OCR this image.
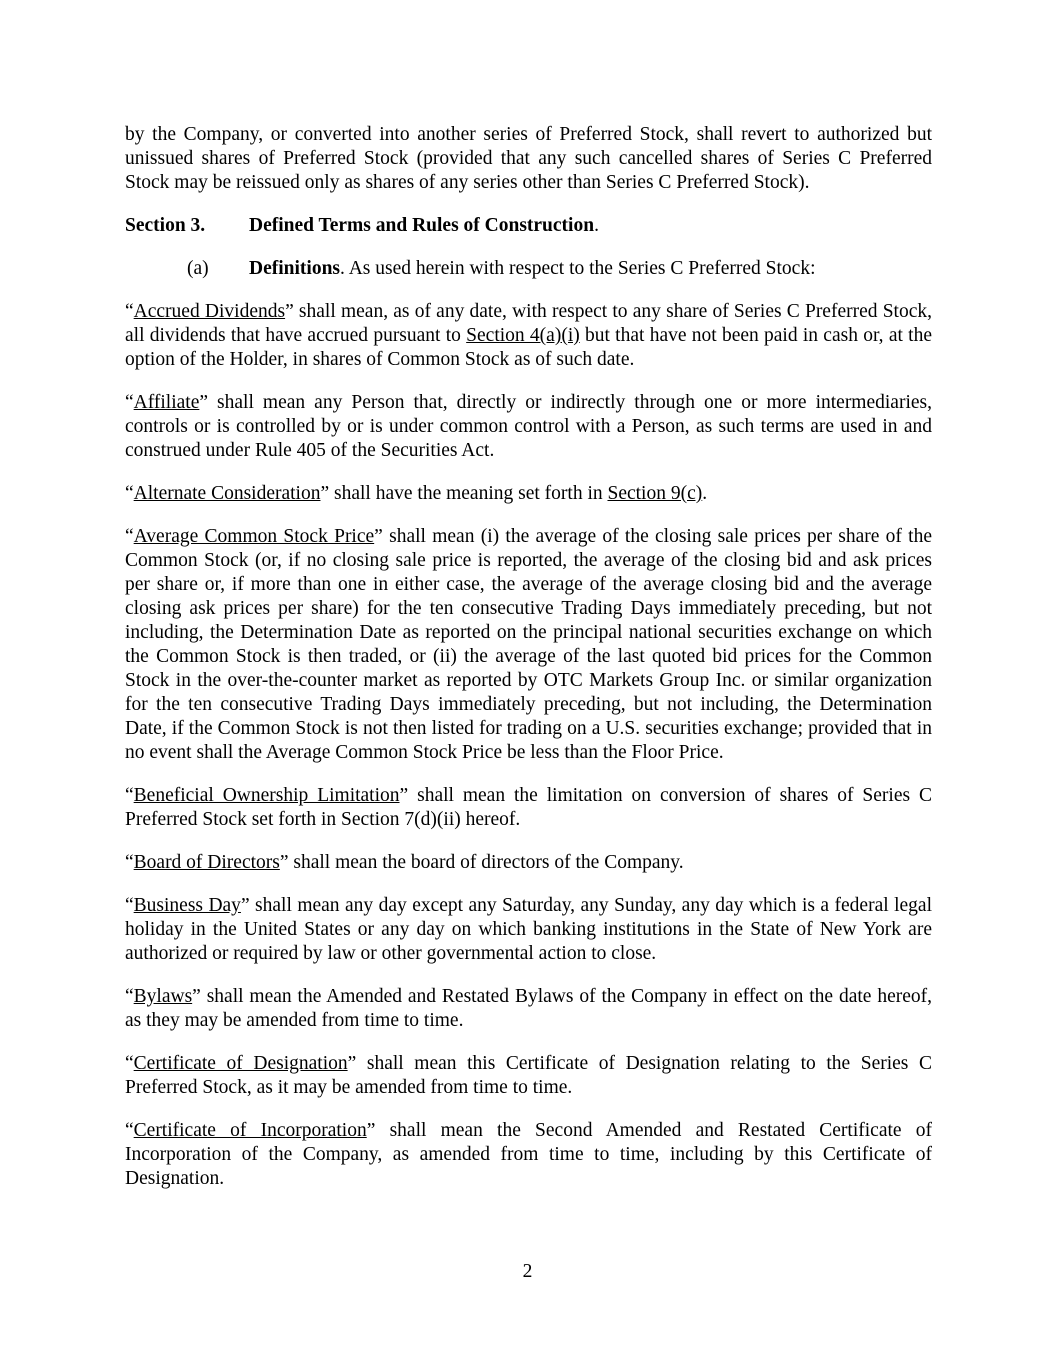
by the Company, or converted into another series of Preferred Stock, shall revert to authorized but unissued shares of Preferred Stock (provided that any such cancelled shares of Series C Preferred Stock may be reissued only as shares of any series other than Series C Preferred Stock).

Section 3. Defined Terms and Rules of Construction.

(a) Definitions. As used herein with respect to the Series C Preferred Stock:

“Accrued Dividends” shall mean, as of any date, with respect to any share of Series C Preferred Stock, all dividends that have accrued pursuant to Section 4(a)(i) but that have not been paid in cash or, at the option of the Holder, in shares of Common Stock as of such date.

“Affiliate” shall mean any Person that, directly or indirectly through one or more intermediaries, controls or is controlled by or is under common control with a Person, as such terms are used in and construed under Rule 405 of the Securities Act.

“Alternate Consideration” shall have the meaning set forth in Section 9(c).

“Average Common Stock Price” shall mean (i) the average of the closing sale prices per share of the Common Stock (or, if no closing sale price is reported, the average of the closing bid and ask prices per share or, if more than one in either case, the average of the average closing bid and the average closing ask prices per share) for the ten consecutive Trading Days immediately preceding, but not including, the Determination Date as reported on the principal national securities exchange on which the Common Stock is then traded, or (ii) the average of the last quoted bid prices for the Common Stock in the over-the-counter market as reported by OTC Markets Group Inc. or similar organization for the ten consecutive Trading Days immediately preceding, but not including, the Determination Date, if the Common Stock is not then listed for trading on a U.S. securities exchange; provided that in no event shall the Average Common Stock Price be less than the Floor Price.

“Beneficial Ownership Limitation” shall mean the limitation on conversion of shares of Series C Preferred Stock set forth in Section 7(d)(ii) hereof.

“Board of Directors” shall mean the board of directors of the Company.

“Business Day” shall mean any day except any Saturday, any Sunday, any day which is a federal legal holiday in the United States or any day on which banking institutions in the State of New York are authorized or required by law or other governmental action to close.

“Bylaws” shall mean the Amended and Restated Bylaws of the Company in effect on the date hereof, as they may be amended from time to time.

“Certificate of Designation” shall mean this Certificate of Designation relating to the Series C Preferred Stock, as it may be amended from time to time.

“Certificate of Incorporation” shall mean the Second Amended and Restated Certificate of Incorporation of the Company, as amended from time to time, including by this Certificate of Designation.

2
